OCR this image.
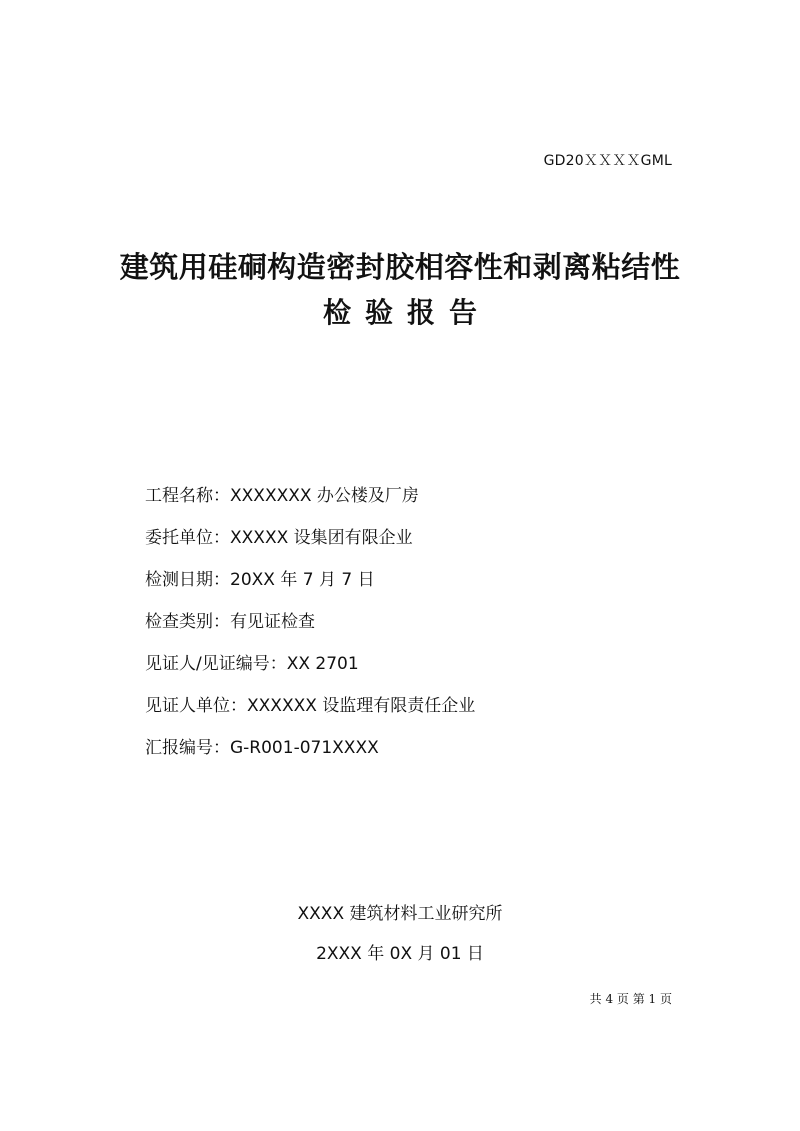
GD20ＸＸＸＸGML
建筑用硅硐构造密封胶相容性和剥离粘结性
检验报告
工程名称：XXXXXXX 办公楼及厂房
委托单位：XXXXX 设集团有限企业
检测日期：20XX 年 7 月 7 日
检查类别：有见证检查
见证人/见证编号：XX 2701
见证人单位：XXXXXX 设监理有限责任企业
汇报编号：G-R001-071XXXX
XXXX 建筑材料工业研究所
2XXX 年 0X 月 01 日
共 4 页 第 1 页
